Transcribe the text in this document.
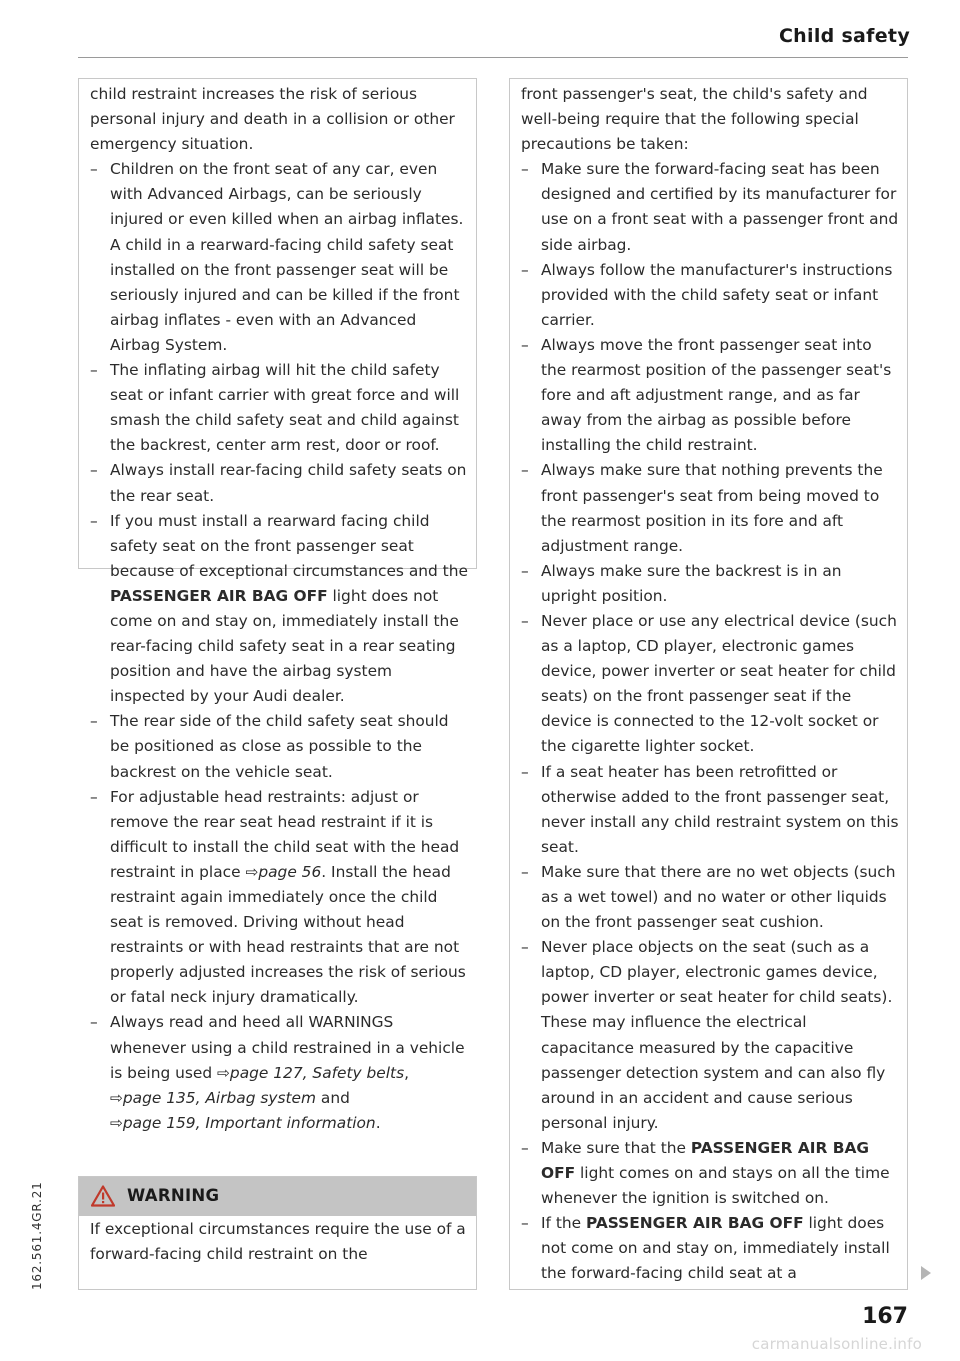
Child safety
162.561.4GR.21	WARNING

child restraint increases the risk of serious personal injury and death in a collision or other emergency situation.

– Children on the front seat of any car, even with Advanced Airbags, can be seriously injured or even killed when an airbag inflates. A child in a rearward-facing child safety seat installed on the front passenger seat will be seriously injured and can be killed if the front airbag inflates - even with an Advanced Airbag System.
– The inflating airbag will hit the child safety seat or infant carrier with great force and will smash the child safety seat and child against the backrest, center arm rest, door or roof.
– Always install rear-facing child safety seats on the rear seat.
– If you must install a rearward facing child safety seat on the front passenger seat because of exceptional circumstances and the PASSENGER AIR BAG OFF light does not come on and stay on, immediately install the rear-facing child safety seat in a rear seating position and have the airbag system inspected by your Audi dealer.
– The rear side of the child safety seat should be positioned as close as possible to the backrest on the vehicle seat.
– For adjustable head restraints: adjust or remove the rear seat head restraint if it is difficult to install the child seat with the head restraint in place ⇨page 56. Install the head restraint again immediately once the child seat is removed. Driving without head restraints or with head restraints that are not properly adjusted increases the risk of serious or fatal neck injury dramatically.
– Always read and heed all WARNINGS whenever using a child restrained in a vehicle is being used ⇨page 127, Safety belts,
⇨page 135, Airbag system and
⇨page 159, Important information.

If exceptional circumstances require the use of a forward-facing child restraint on the

front passenger's seat, the child's safety and well-being require that the following special precautions be taken:

– Make sure the forward-facing seat has been designed and certified by its manufacturer for use on a front seat with a passenger front and side airbag.
– Always follow the manufacturer's instructions provided with the child safety seat or infant carrier.
– Always move the front passenger seat into the rearmost position of the passenger seat's fore and aft adjustment range, and as far away from the airbag as possible before installing the child restraint.
– Always make sure that nothing prevents the front passenger's seat from being moved to the rearmost position in its fore and aft adjustment range.
– Always make sure the backrest is in an upright position.
– Never place or use any electrical device (such as a laptop, CD player, electronic games device, power inverter or seat heater for child seats) on the front passenger seat if the device is connected to the 12-volt socket or the cigarette lighter socket.
– If a seat heater has been retrofitted or otherwise added to the front passenger seat, never install any child restraint system on this seat.
– Make sure that there are no wet objects (such as a wet towel) and no water or other liquids on the front passenger seat cushion.
– Never place objects on the seat (such as a laptop, CD player, electronic games device, power inverter or seat heater for child seats). These may influence the electrical capacitance measured by the capacitive passenger detection system and can also fly around in an accident and cause serious personal injury.
– Make sure that the PASSENGER AIR BAG OFF light comes on and stays on all the time whenever the ignition is switched on.
– If the PASSENGER AIR BAG OFF light does not come on and stay on, immediately install the forward-facing child seat at a
167
carmanualsonline.info
